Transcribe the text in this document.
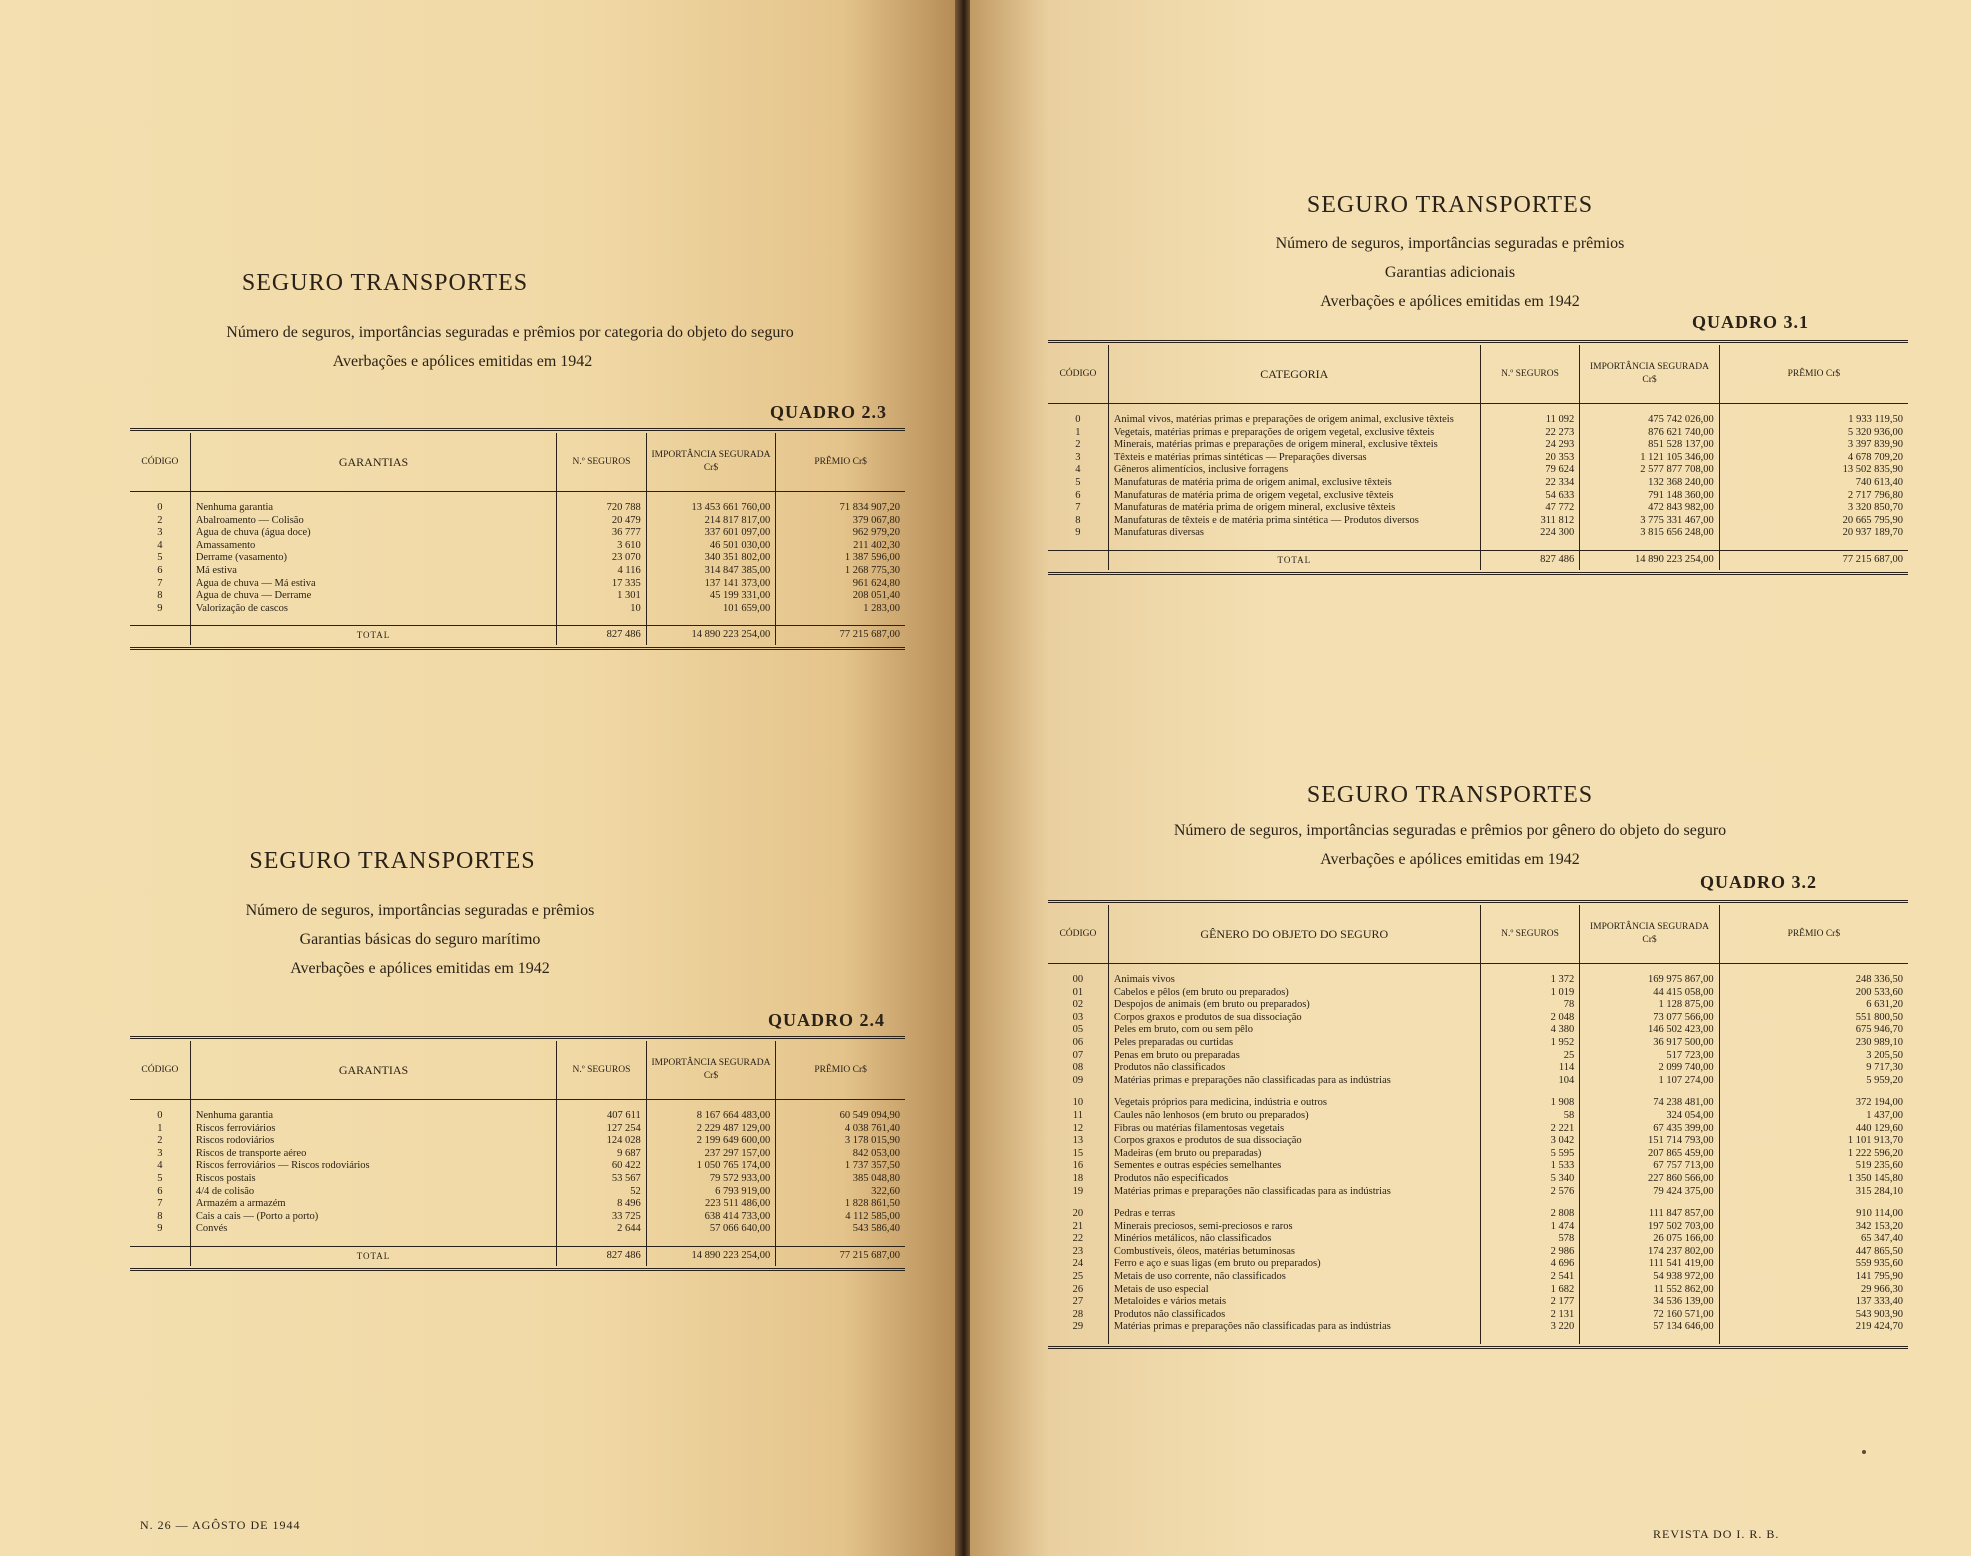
SEGURO TRANSPORTES
Número de seguros, importâncias seguradas e prêmios por categoria do objeto do seguro
Averbações e apólices emitidas em 1942
QUADRO 2.3
CÓDIGO	GARANTIAS	N.º SEGUROS	IMPORTÂNCIA SEGURADA Cr$	PRÊMIO Cr$

0	Nenhuma garantia	720 788	13 453 661 760,00	71 834 907,20
2	Abalroamento — Colisão	20 479	214 817 817,00	379 067,80
3	Água de chuva (água doce)	36 777	337 601 097,00	962 979,20
4	Amassamento	3 610	46 501 030,00	211 402,30
5	Derrame (vasamento)	23 070	340 351 802,00	1 387 596,00
6	Má estiva	4 116	314 847 385,00	1 268 775,30
7	Água de chuva — Má estiva	17 335	137 141 373,00	961 624,80
8	Água de chuva — Derrame	1 301	45 199 331,00	208 051,40
9	Valorização de cascos	10	101 659,00	1 283,00

	TOTAL	827 486	14 890 223 254,00	77 215 687,00
SEGURO TRANSPORTES
Número de seguros, importâncias seguradas e prêmios
Garantias básicas do seguro marítimo
Averbações e apólices emitidas em 1942
QUADRO 2.4
CÓDIGO	GARANTIAS	N.º SEGUROS	IMPORTÂNCIA SEGURADA Cr$	PRÊMIO Cr$

0	Nenhuma garantia	407 611	8 167 664 483,00	60 549 094,90
1	Riscos ferroviários	127 254	2 229 487 129,00	4 038 761,40
2	Riscos rodoviários	124 028	2 199 649 600,00	3 178 015,90
3	Riscos de transporte aéreo	9 687	237 297 157,00	842 053,00
4	Riscos ferroviários — Riscos rodoviários	60 422	1 050 765 174,00	1 737 357,50
5	Riscos postais	53 567	79 572 933,00	385 048,80
6	4/4 de colisão	52	6 793 919,00	322,60
7	Armazém a armazém	8 496	223 511 486,00	1 828 861,50
8	Cais a cais — (Porto a porto)	33 725	638 414 733,00	4 112 585,00
9	Convés	2 644	57 066 640,00	543 586,40

	TOTAL	827 486	14 890 223 254,00	77 215 687,00
N. 26 — AGÔSTO DE 1944
SEGURO TRANSPORTES
Número de seguros, importâncias seguradas e prêmios
Garantias adicionais
Averbações e apólices emitidas em 1942
QUADRO 3.1
CÓDIGO	CATEGORIA	N.º SEGUROS	IMPORTÂNCIA SEGURADA Cr$	PRÊMIO Cr$

0	Animal vivos, matérias primas e preparações de origem animal, exclusive têxteis	11 092	475 742 026,00	1 933 119,50
1	Vegetais, matérias primas e preparações de origem vegetal, exclusive têxteis	22 273	876 621 740,00	5 320 936,00
2	Minerais, matérias primas e preparações de origem mineral, exclusive têxteis	24 293	851 528 137,00	3 397 839,90
3	Têxteis e matérias primas sintéticas — Preparações diversas	20 353	1 121 105 346,00	4 678 709,20
4	Gêneros alimentícios, inclusive forragens	79 624	2 577 877 708,00	13 502 835,90
5	Manufaturas de matéria prima de origem animal, exclusive têxteis	22 334	132 368 240,00	740 613,40
6	Manufaturas de matéria prima de origem vegetal, exclusive têxteis	54 633	791 148 360,00	2 717 796,80
7	Manufaturas de matéria prima de origem mineral, exclusive têxteis	47 772	472 843 982,00	3 320 850,70
8	Manufaturas de têxteis e de matéria prima sintética — Produtos diversos	311 812	3 775 331 467,00	20 665 795,90
9	Manufaturas diversas	224 300	3 815 656 248,00	20 937 189,70

	TOTAL	827 486	14 890 223 254,00	77 215 687,00
SEGURO TRANSPORTES
Número de seguros, importâncias seguradas e prêmios por gênero do objeto do seguro
Averbações e apólices emitidas em 1942
QUADRO 3.2
CÓDIGO	GÊNERO DO OBJETO DO SEGURO	N.º SEGUROS	IMPORTÂNCIA SEGURADA Cr$	PRÊMIO Cr$

00	Animais vivos	1 372	169 975 867,00	248 336,50
01	Cabelos e pêlos (em bruto ou preparados)	1 019	44 415 058,00	200 533,60
02	Despojos de animais (em bruto ou preparados)	78	1 128 875,00	6 631,20
03	Corpos graxos e produtos de sua dissociação	2 048	73 077 566,00	551 800,50
05	Peles em bruto, com ou sem pêlo	4 380	146 502 423,00	675 946,70
06	Peles preparadas ou curtidas	1 952	36 917 500,00	230 989,10
07	Penas em bruto ou preparadas	25	517 723,00	3 205,50
08	Produtos não classificados	114	2 099 740,00	9 717,30
09	Matérias primas e preparações não classificadas para as indústrias	104	1 107 274,00	5 959,20

10	Vegetais próprios para medicina, indústria e outros	1 908	74 238 481,00	372 194,00
11	Caules não lenhosos (em bruto ou preparados)	58	324 054,00	1 437,00
12	Fibras ou matérias filamentosas vegetais	2 221	67 435 399,00	440 129,60
13	Corpos graxos e produtos de sua dissociação	3 042	151 714 793,00	1 101 913,70
15	Madeiras (em bruto ou preparadas)	5 595	207 865 459,00	1 222 596,20
16	Sementes e outras espécies semelhantes	1 533	67 757 713,00	519 235,60
18	Produtos não especificados	5 340	227 860 566,00	1 350 145,80
19	Matérias primas e preparações não classificadas para as indústrias	2 576	79 424 375,00	315 284,10

20	Pedras e terras	2 808	111 847 857,00	910 114,00
21	Minerais preciosos, semi-preciosos e raros	1 474	197 502 703,00	342 153,20
22	Minérios metálicos, não classificados	578	26 075 166,00	65 347,40
23	Combustíveis, óleos, matérias betuminosas	2 986	174 237 802,00	447 865,50
24	Ferro e aço e suas ligas (em bruto ou preparados)	4 696	111 541 419,00	559 935,60
25	Metais de uso corrente, não classificados	2 541	54 938 972,00	141 795,90
26	Metais de uso especial	1 682	11 552 862,00	29 966,30
27	Metaloides e vários metais	2 177	34 536 139,00	137 333,40
28	Produtos não classificados	2 131	72 160 571,00	543 903,90
29	Matérias primas e preparações não classificadas para as indústrias	3 220	57 134 646,00	219 424,70

REVISTA DO I. R. B.
